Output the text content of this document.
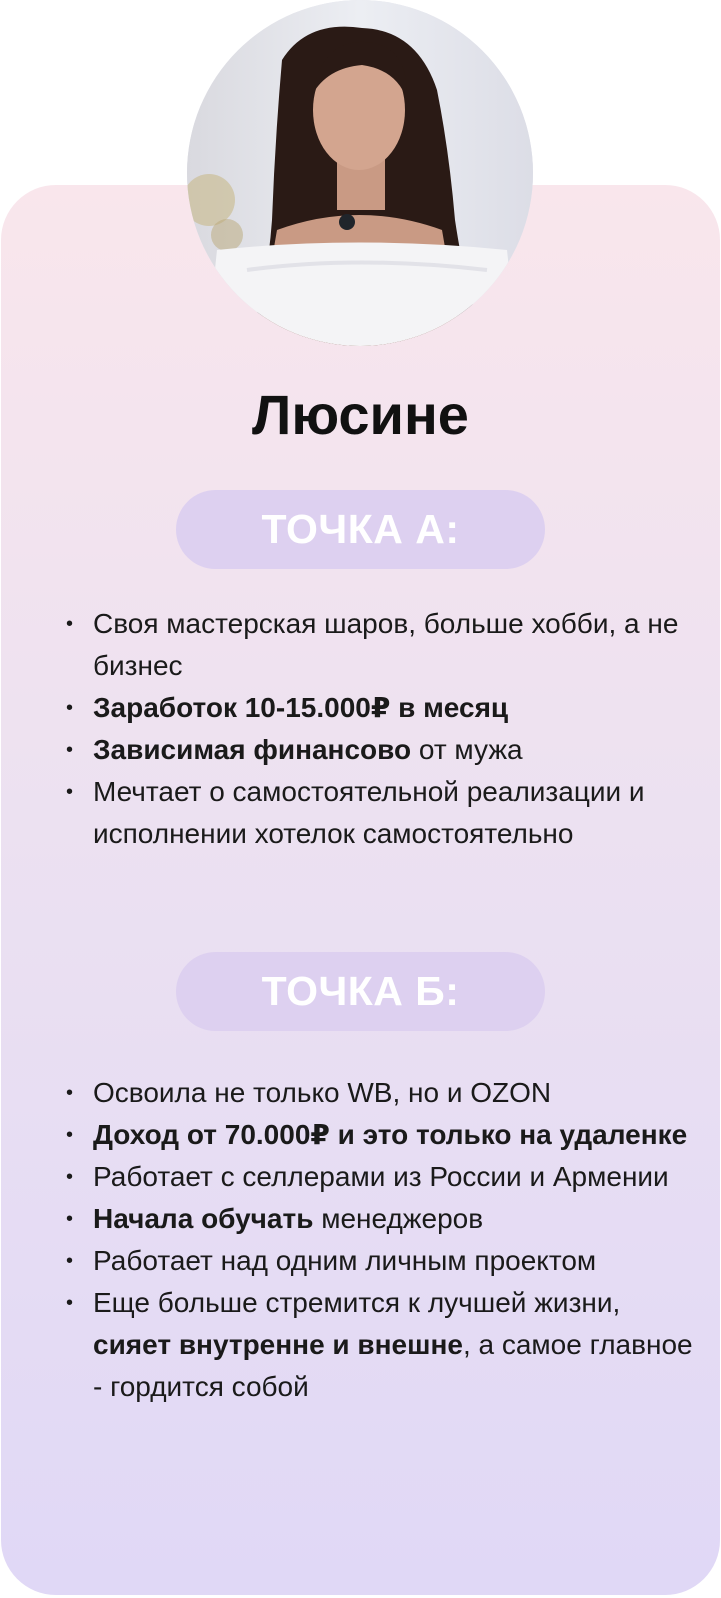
Люсине
ТОЧКА А:
• Своя мастерская шаров, больше хобби, а не бизнес
• Заработок 10-15.000₽ в месяц
• Зависимая финансово от мужа
• Мечтает о самостоятельной реализации и исполнении хотелок самостоятельно
ТОЧКА Б:
• Освоила не только WB, но и OZON
• Доход от 70.000₽ и это только на удаленке
• Работает с селлерами из России и Армении
• Начала обучать менеджеров
• Работает над одним личным проектом
• Еще больше стремится к лучшей жизни, сияет внутренне и внешне, а самое главное - гордится собой
